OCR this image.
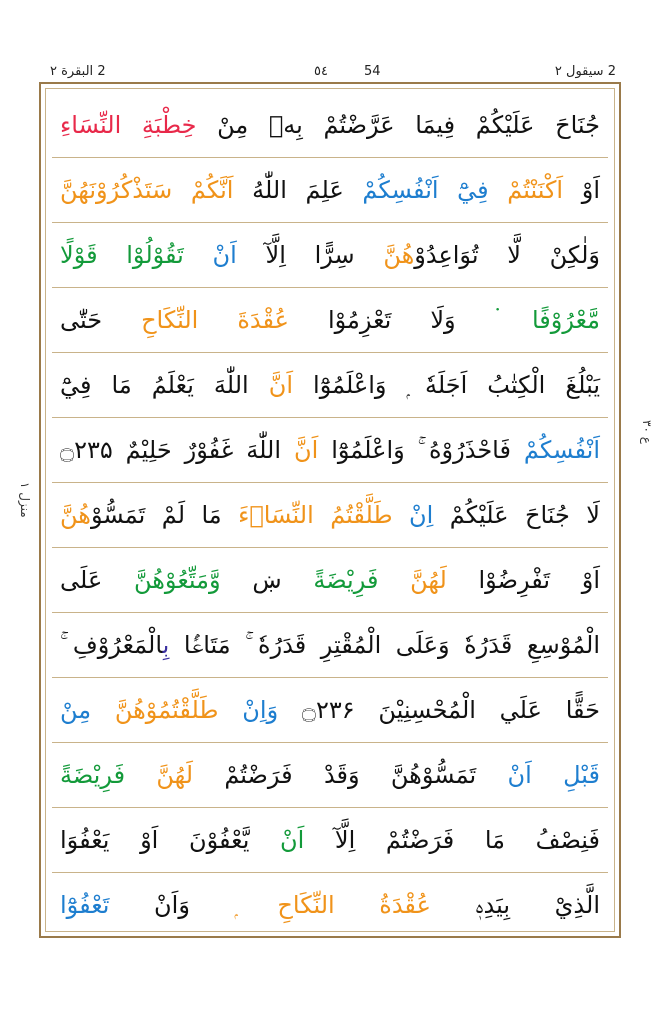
2 البقرة ٢	٥٤	54	2 سيقول ٢
جُنَاحَ عَلَيْكُمْ فِيمَا عَرَّضْتُمْ بِهٖ مِنْ خِطْبَةِ النِّسَاءِ
اَوْ اَكْنَنْتُمْ فِيْٓ اَنْفُسِكُمْ عَلِمَ اللّٰهُ اَنَّكُمْ سَتَذْكُرُوْنَهُنَّ
وَلٰكِنْ لَّا تُوَاعِدُوْهُنَّ سِرًّا اِلَّآ اَنْ تَقُوْلُوْا قَوْلًا
مَّعْرُوْفًا ۬ وَلَا تَعْزِمُوْا عُقْدَةَ النِّكَاحِ حَتّٰى
يَبْلُغَ الْكِتٰبُ اَجَلَهٗ ۭ وَاعْلَمُوْٓا اَنَّ اللّٰهَ يَعْلَمُ مَا فِيْٓ
اَنْفُسِكُمْ فَاحْذَرُوْهُ ۚ وَاعْلَمُوْٓا اَنَّ اللّٰهَ غَفُوْرٌ حَلِيْمٌ ۝۲۳۵
لَا جُنَاحَ عَلَيْكُمْ اِنْ طَلَّقْتُمُ النِّسَاۗءَ مَا لَمْ تَمَسُّوْهُنَّ
اَوْ تَفْرِضُوْا لَهُنَّ فَرِيْضَةً ښ وَّمَتِّعُوْهُنَّ عَلَى
الْمُوْسِعِ قَدَرُهٗ وَعَلَى الْمُقْتِرِ قَدَرُهٗ ۚ مَتَاعًۢا بِالْمَعْرُوْفِ ۚ
حَقًّا عَلَي الْمُحْسِنِيْنَ ۝۲۳۶ وَاِنْ طَلَّقْتُمُوْهُنَّ مِنْ
قَبْلِ اَنْ تَمَسُّوْهُنَّ وَقَدْ فَرَضْتُمْ لَهُنَّ فَرِيْضَةً
فَنِصْفُ مَا فَرَضْتُمْ اِلَّآ اَنْ يَّعْفُوْنَ اَوْ يَعْفُوَا
الَّذِيْ بِيَدِهٖ عُقْدَةُ النِّكَاحِ ۭ وَاَنْ تَعْفُوْٓا
ع ۳۰
منزل ۱
